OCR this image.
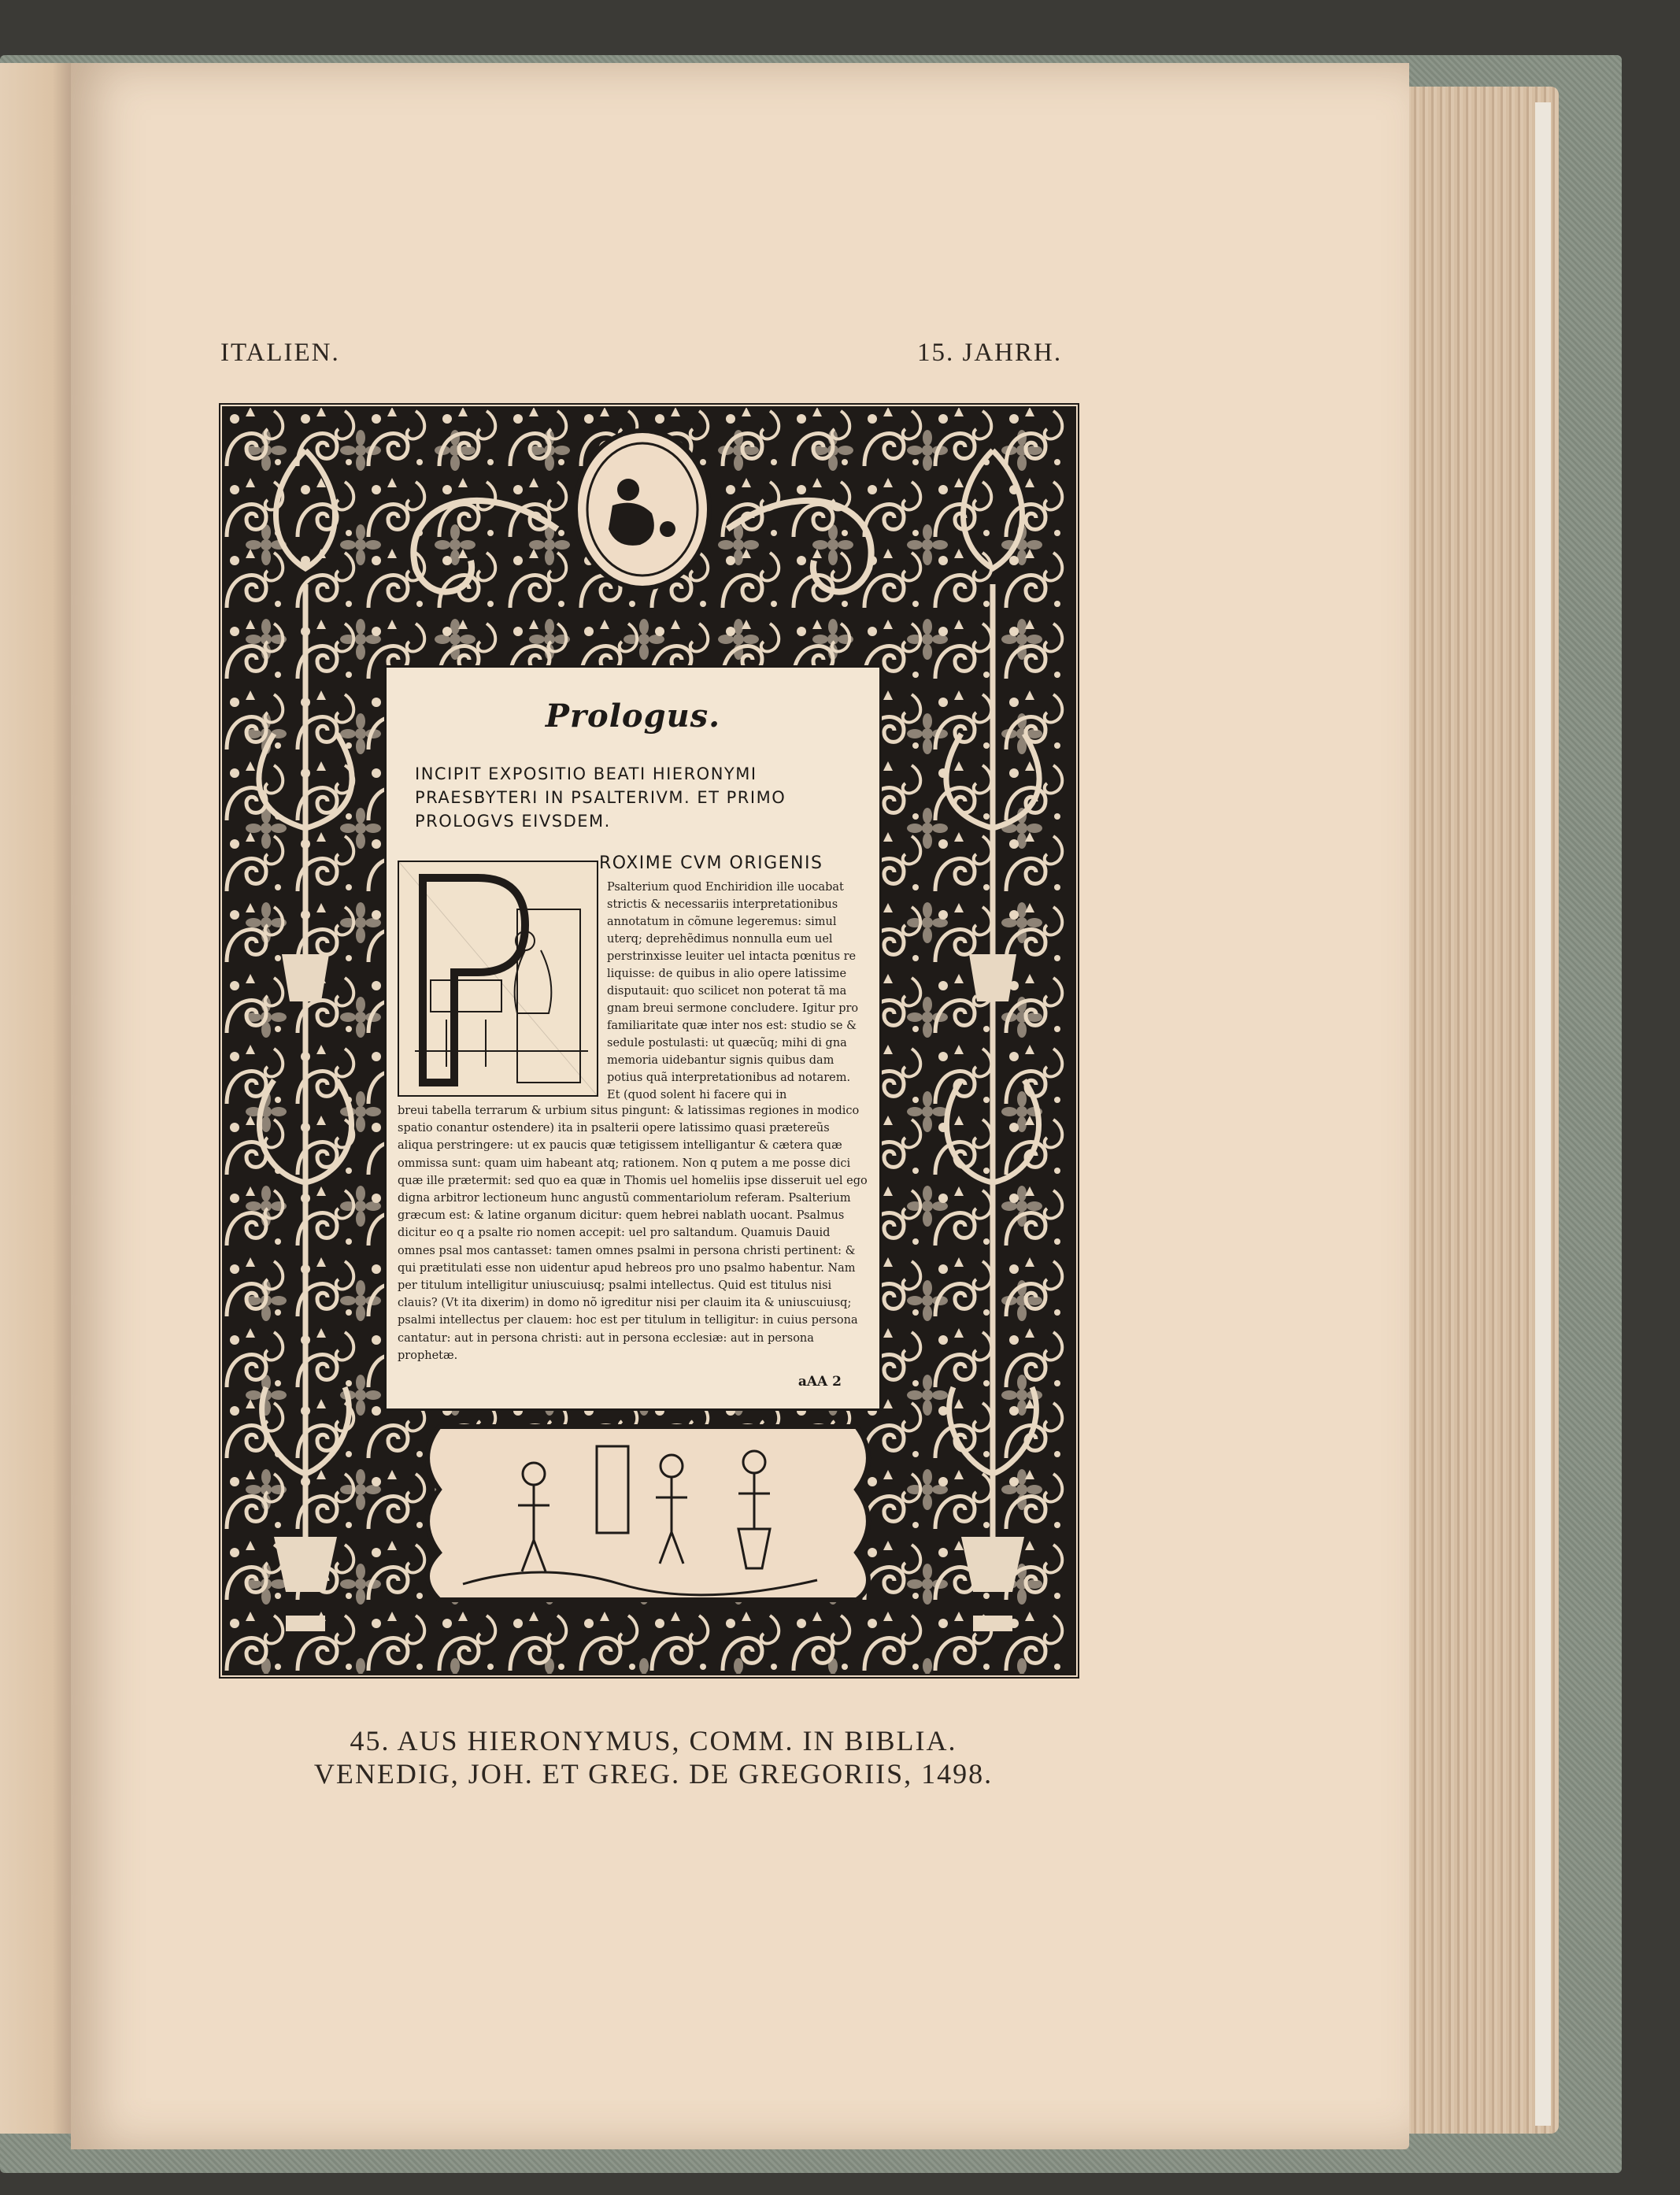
ITALIEN.	15. JAHRH.
Prologus.
INCIPIT EXPOSITIO BEATI HIERONYMI PRAESBYTERI IN PSALTERIVM. ET PRIMO PROLOGVS EIVSDEM.
ROXIME CVM ORIGENIS
Psalterium quod Enchiridion ille uocabat strictis & necessariis interpretationibus annotatum in cõmune legeremus: simul uterq; deprehẽdimus nonnulla eum uel perstrinxisse leuiter uel intacta pœnitus re liquisse: de quibus in alio opere latissime disputauit: quo scilicet non poterat tã ma gnam breui sermone concludere. Igitur pro familiaritate quæ inter nos est: studio se & sedule postulasti: ut quæcũq; mihi di gna memoria uidebantur signis quibus dam potius quã interpretationibus ad notarem. Et (quod solent hi facere qui in
breui tabella terrarum & urbium situs pingunt: & latissimas regiones in modico spatio conantur ostendere) ita in psalterii opere latissimo quasi prætereũs aliqua perstringere: ut ex paucis quæ tetigissem intelligantur & cætera quæ ommissa sunt: quam uim habeant atq; rationem. Non q putem a me posse dici quæ ille prætermit: sed quo ea quæ in Thomis uel homeliis ipse disseruit uel ego digna arbitror lectioneum hunc angustũ commentariolum referam. Psalterium græcum est: & latine organum dicitur: quem hebrei nablath uocant. Psalmus dicitur eo q a psalte rio nomen accepit: uel pro saltandum. Quamuis Dauid omnes psal mos cantasset: tamen omnes psalmi in persona christi pertinent: & qui prætitulati esse non uidentur apud hebreos pro uno psalmo habentur. Nam per titulum intelligitur uniuscuiusq; psalmi intellectus. Quid est titulus nisi clauis? (Vt ita dixerim) in domo nõ igreditur nisi per clauim ita & uniuscuiusq; psalmi intellectus per clauem: hoc est per titulum in telligitur: in cuius persona cantatur: aut in persona christi: aut in persona ecclesiæ: aut in persona prophetæ.
aAA 2
45. AUS HIERONYMUS, COMM. IN BIBLIA.
VENEDIG, JOH. ET GREG. DE GREGORIIS, 1498.
